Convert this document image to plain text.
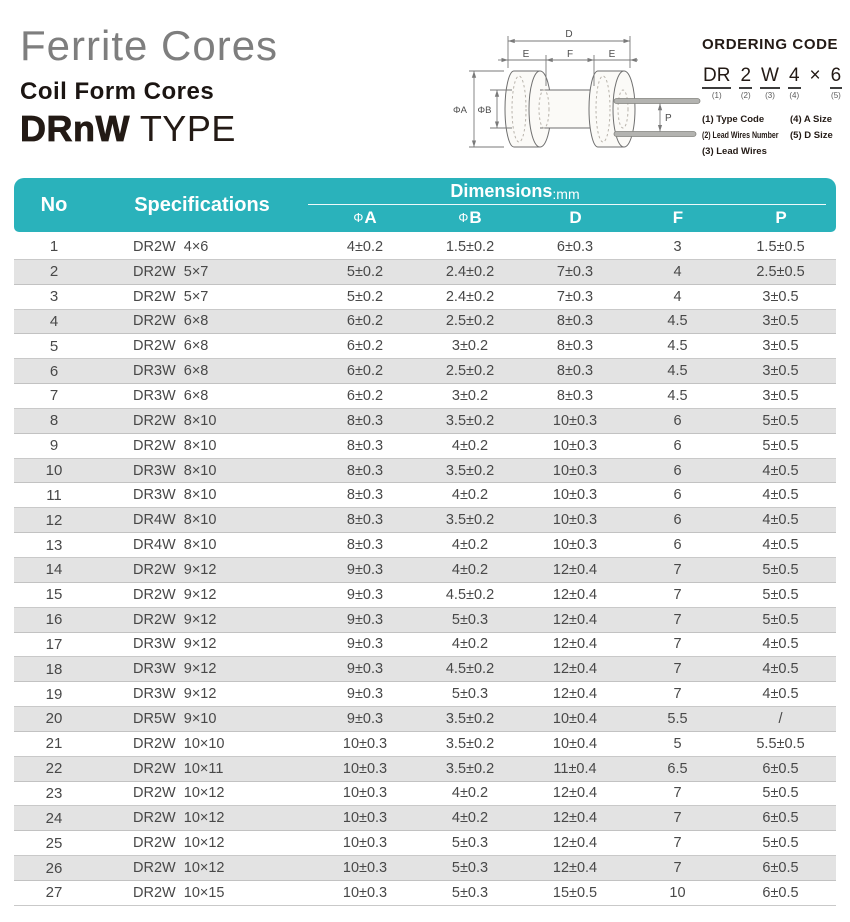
Ferrite Cores
Coil Form Cores
DRnW TYPE
D
E	F	E
ΦA ΦB
P
ORDERING CODE
DR
(1)
2
(2)
W
(3)
4
(4)
× 6
(5)
(1) Type Code
(2) Lead Wires Number
(3) Lead Wires
(4) A Size
(5) D Size
No	Specifications
Dimensions :mm
Φ A	Φ B	D	F	P
1	DR2W  4×6	4±0.2	1.5±0.2	6±0.3	3	1.5±0.5
2	DR2W  5×7	5±0.2	2.4±0.2	7±0.3	4	2.5±0.5
3	DR2W  5×7	5±0.2	2.4±0.2	7±0.3	4	3±0.5
4	DR2W  6×8	6±0.2	2.5±0.2	8±0.3	4.5	3±0.5
5	DR2W  6×8	6±0.2	3±0.2	8±0.3	4.5	3±0.5
6	DR3W  6×8	6±0.2	2.5±0.2	8±0.3	4.5	3±0.5
7	DR3W  6×8	6±0.2	3±0.2	8±0.3	4.5	3±0.5
8	DR2W  8×10	8±0.3	3.5±0.2	10±0.3	6	5±0.5
9	DR2W  8×10	8±0.3	4±0.2	10±0.3	6	5±0.5
10	DR3W  8×10	8±0.3	3.5±0.2	10±0.3	6	4±0.5
11	DR3W  8×10	8±0.3	4±0.2	10±0.3	6	4±0.5
12	DR4W  8×10	8±0.3	3.5±0.2	10±0.3	6	4±0.5
13	DR4W  8×10	8±0.3	4±0.2	10±0.3	6	4±0.5
14	DR2W  9×12	9±0.3	4±0.2	12±0.4	7	5±0.5
15	DR2W  9×12	9±0.3	4.5±0.2	12±0.4	7	5±0.5
16	DR2W  9×12	9±0.3	5±0.3	12±0.4	7	5±0.5
17	DR3W  9×12	9±0.3	4±0.2	12±0.4	7	4±0.5
18	DR3W  9×12	9±0.3	4.5±0.2	12±0.4	7	4±0.5
19	DR3W  9×12	9±0.3	5±0.3	12±0.4	7	4±0.5
20	DR5W  9×10	9±0.3	3.5±0.2	10±0.4	5.5	/
21	DR2W  10×10	10±0.3	3.5±0.2	10±0.4	5	5.5±0.5
22	DR2W  10×11	10±0.3	3.5±0.2	11±0.4	6.5	6±0.5
23	DR2W  10×12	10±0.3	4±0.2	12±0.4	7	5±0.5
24	DR2W  10×12	10±0.3	4±0.2	12±0.4	7	6±0.5
25	DR2W  10×12	10±0.3	5±0.3	12±0.4	7	5±0.5
26	DR2W  10×12	10±0.3	5±0.3	12±0.4	7	6±0.5
27	DR2W  10×15	10±0.3	5±0.3	15±0.5	10	6±0.5
